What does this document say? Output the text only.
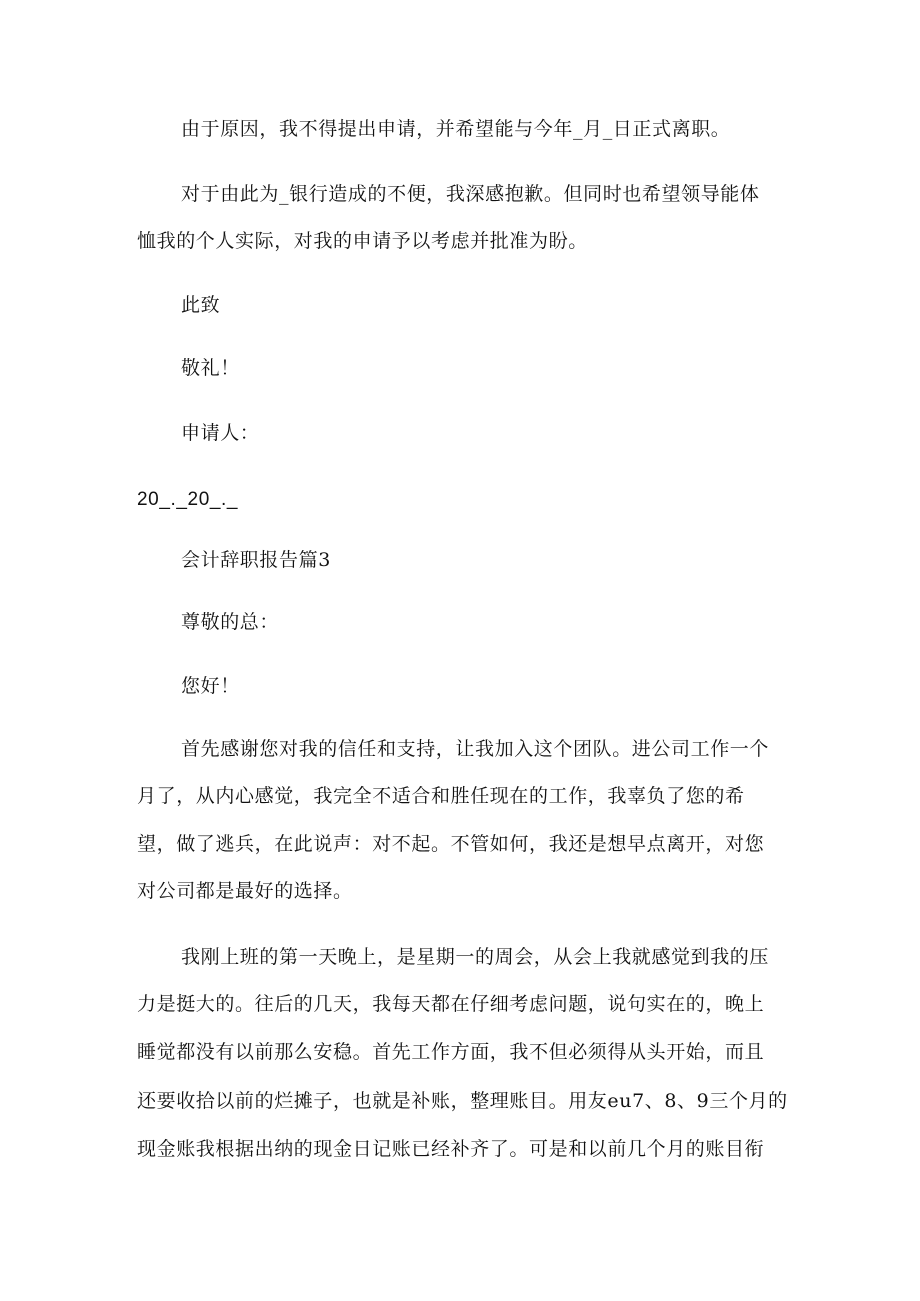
由于原因，我不得提出申请，并希望能与今年_月_日正式离职。
对于由此为_银行造成的不便，我深感抱歉。但同时也希望领导能体
恤我的个人实际，对我的申请予以考虑并批准为盼。
此致
敬礼！
申请人：
20_._20_._
会计辞职报告篇3
尊敬的总：
您好！
首先感谢您对我的信任和支持，让我加入这个团队。进公司工作一个
月了，从内心感觉，我完全不适合和胜任现在的工作，我辜负了您的希
望，做了逃兵，在此说声：对不起。不管如何，我还是想早点离开，对您
对公司都是最好的选择。
我刚上班的第一天晚上，是星期一的周会，从会上我就感觉到我的压
力是挺大的。往后的几天，我每天都在仔细考虑问题，说句实在的，晚上
睡觉都没有以前那么安稳。首先工作方面，我不但必须得从头开始，而且
还要收拾以前的烂摊子，也就是补账，整理账目。用友eu7、8、9三个月的
现金账我根据出纳的现金日记账已经补齐了。可是和以前几个月的账目衔
